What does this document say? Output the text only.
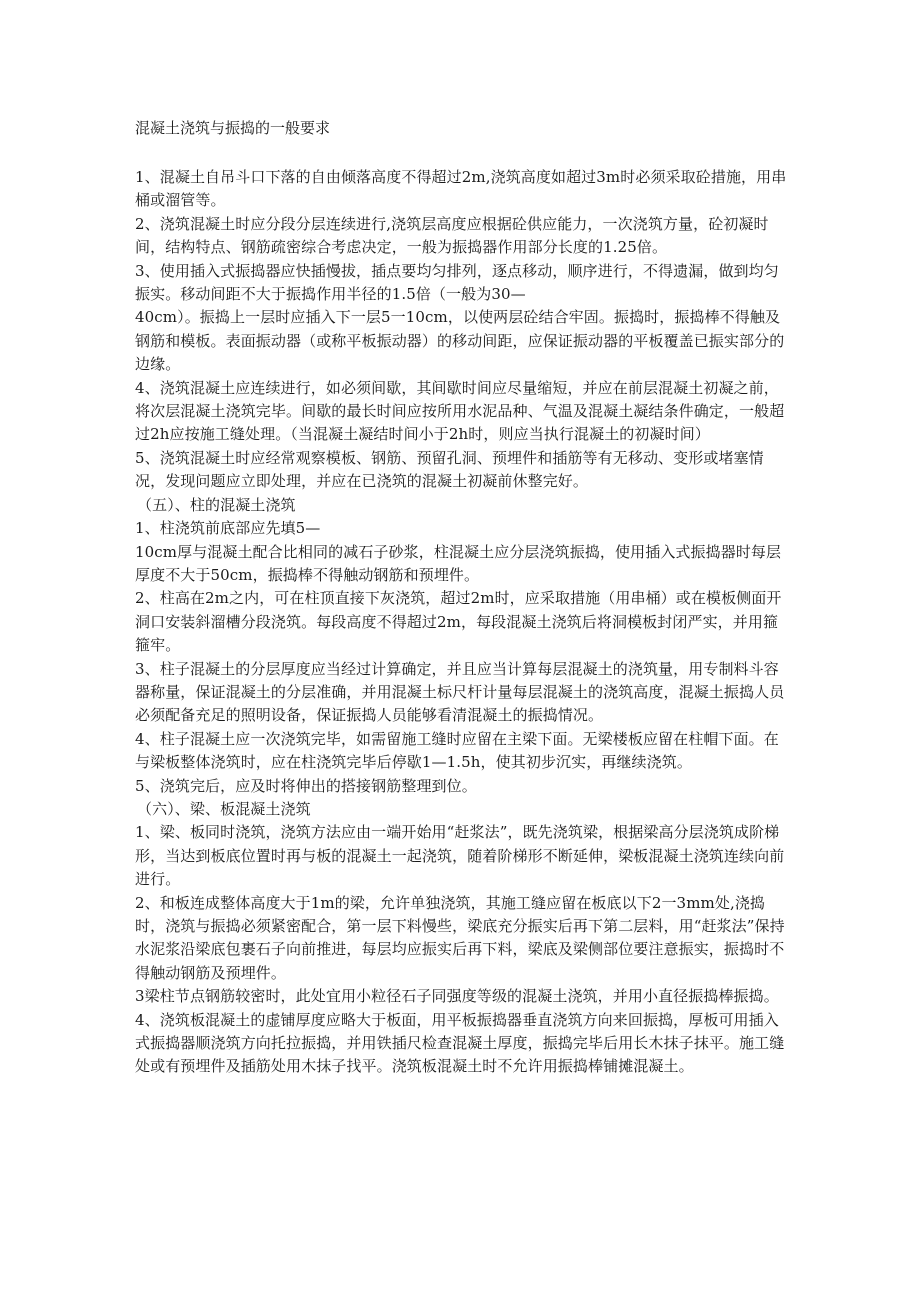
混凝土浇筑与振捣的一般要求

1、混凝土自吊斗口下落的自由倾落高度不得超过2m,浇筑高度如超过3m时必须采取砼措施，用串桶或溜管等。

2、浇筑混凝土时应分段分层连续进行,浇筑层高度应根据砼供应能力，一次浇筑方量，砼初凝时间，结构特点、钢筋疏密综合考虑决定，一般为振捣器作用部分长度的1.25倍。

3、使用插入式振捣器应快插慢拔，插点要均匀排列，逐点移动，顺序进行，不得遗漏，做到均匀振实。移动间距不大于振捣作用半径的1.5倍（一般为30—

40cm）。振捣上一层时应插入下一层5一10cm，以使两层砼结合牢固。振捣时，振捣棒不得触及钢筋和模板。表面振动器（或称平板振动器）的移动间距，应保证振动器的平板覆盖已振实部分的边缘。

4、浇筑混凝土应连续进行，如必须间歇，其间歇时间应尽量缩短，并应在前层混凝土初凝之前，将次层混凝土浇筑完毕。间歇的最长时间应按所用水泥品种、气温及混凝土凝结条件确定，一般超过2h应按施工缝处理。（当混凝土凝结时间小于2h时，则应当执行混凝土的初凝时间）

5、浇筑混凝土时应经常观察模板、钢筋、预留孔洞、预埋件和插筋等有无移动、变形或堵塞情况，发现问题应立即处理，并应在已浇筑的混凝土初凝前休整完好。

（五）、柱的混凝土浇筑

1、柱浇筑前底部应先填5—

10cm厚与混凝土配合比相同的减石子砂浆，柱混凝土应分层浇筑振捣，使用插入式振捣器时每层厚度不大于50cm，振捣棒不得触动钢筋和预埋件。

2、柱高在2m之内，可在柱顶直接下灰浇筑，超过2m时，应采取措施（用串桶）或在模板侧面开洞口安装斜溜槽分段浇筑。每段高度不得超过2m，每段混凝土浇筑后将洞模板封闭严实，并用箍箍牢。

3、柱子混凝土的分层厚度应当经过计算确定，并且应当计算每层混凝土的浇筑量，用专制料斗容器称量，保证混凝土的分层准确，并用混凝土标尺杆计量每层混凝土的浇筑高度，混凝土振捣人员必须配备充足的照明设备，保证振捣人员能够看清混凝土的振捣情况。

4、柱子混凝土应一次浇筑完毕，如需留施工缝时应留在主梁下面。无梁楼板应留在柱帽下面。在与梁板整体浇筑时，应在柱浇筑完毕后停歇1—1.5h，使其初步沉实，再继续浇筑。

5、浇筑完后，应及时将伸出的搭接钢筋整理到位。

（六）、梁、板混凝土浇筑

1、梁、板同时浇筑，浇筑方法应由一端开始用“赶浆法”，既先浇筑梁，根据梁高分层浇筑成阶梯形，当达到板底位置时再与板的混凝土一起浇筑，随着阶梯形不断延伸，梁板混凝土浇筑连续向前进行。

2、和板连成整体高度大于1m的梁，允许单独浇筑，其施工缝应留在板底以下2一3mm处,浇捣时，浇筑与振捣必须紧密配合，第一层下料慢些，梁底充分振实后再下第二层料，用“赶浆法”保持水泥浆沿梁底包裹石子向前推进，每层均应振实后再下料，梁底及梁侧部位要注意振实，振捣时不得触动钢筋及预埋件。

3梁柱节点钢筋较密时，此处宜用小粒径石子同强度等级的混凝土浇筑，并用小直径振捣棒振捣。

4、浇筑板混凝土的虚铺厚度应略大于板面，用平板振捣器垂直浇筑方向来回振捣，厚板可用插入式振捣器顺浇筑方向托拉振捣，并用铁插尺检查混凝土厚度，振捣完毕后用长木抹子抹平。施工缝处或有预埋件及插筋处用木抹子找平。浇筑板混凝土时不允许用振捣棒铺摊混凝土。
